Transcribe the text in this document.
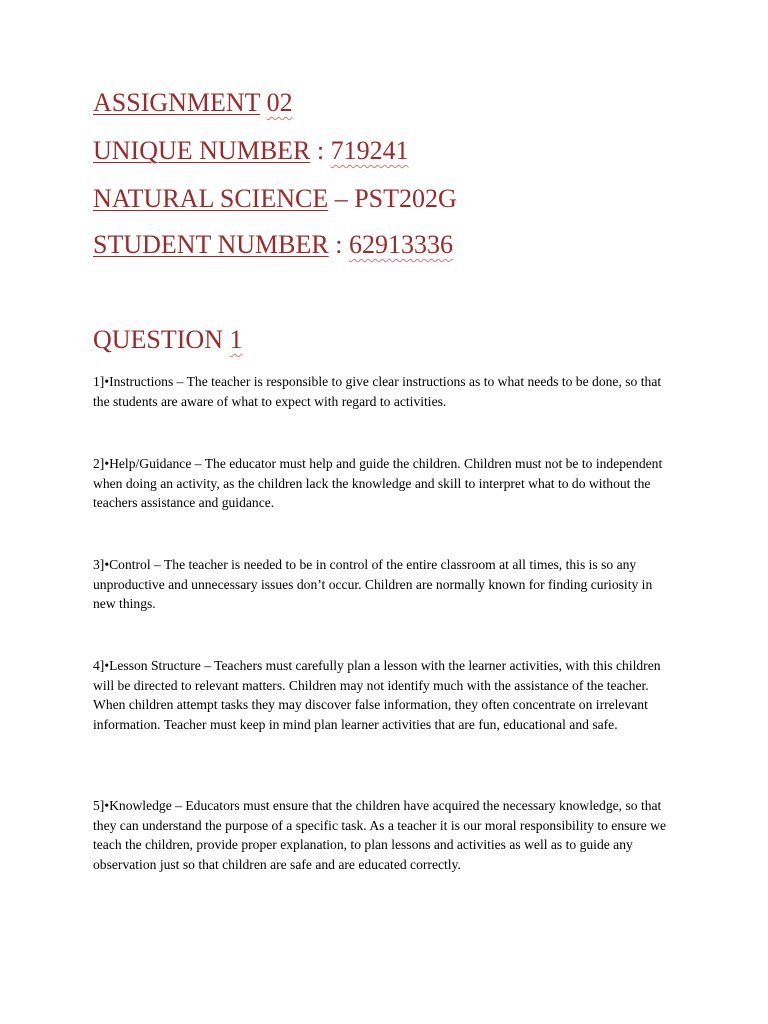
ASSIGNMENT 02
UNIQUE NUMBER : 719241
NATURAL SCIENCE – PST202G
STUDENT NUMBER : 62913336
QUESTION 1

1]•Instructions – The teacher is responsible to give clear instructions as to what needs to be done, so that the students are aware of what to expect with regard to activities.

2]•Help/Guidance – The educator must help and guide the children. Children must not be to independent when doing an activity, as the children lack the knowledge and skill to interpret what to do without the teachers assistance and guidance.

3]•Control – The teacher is needed to be in control of the entire classroom at all times, this is so any unproductive and unnecessary issues don’t occur. Children are normally known for finding curiosity in new things.

4]•Lesson Structure – Teachers must carefully plan a lesson with the learner activities, with this children will be directed to relevant matters. Children may not identify much with the assistance of the teacher. When children attempt tasks they may discover false information, they often concentrate on irrelevant information. Teacher must keep in mind plan learner activities that are fun, educational and safe.

5]•Knowledge – Educators must ensure that the children have acquired the necessary knowledge, so that they can understand the purpose of a specific task. As a teacher it is our moral responsibility to ensure we teach the children, provide proper explanation, to plan lessons and activities as well as to guide any observation just so that children are safe and are educated correctly.
